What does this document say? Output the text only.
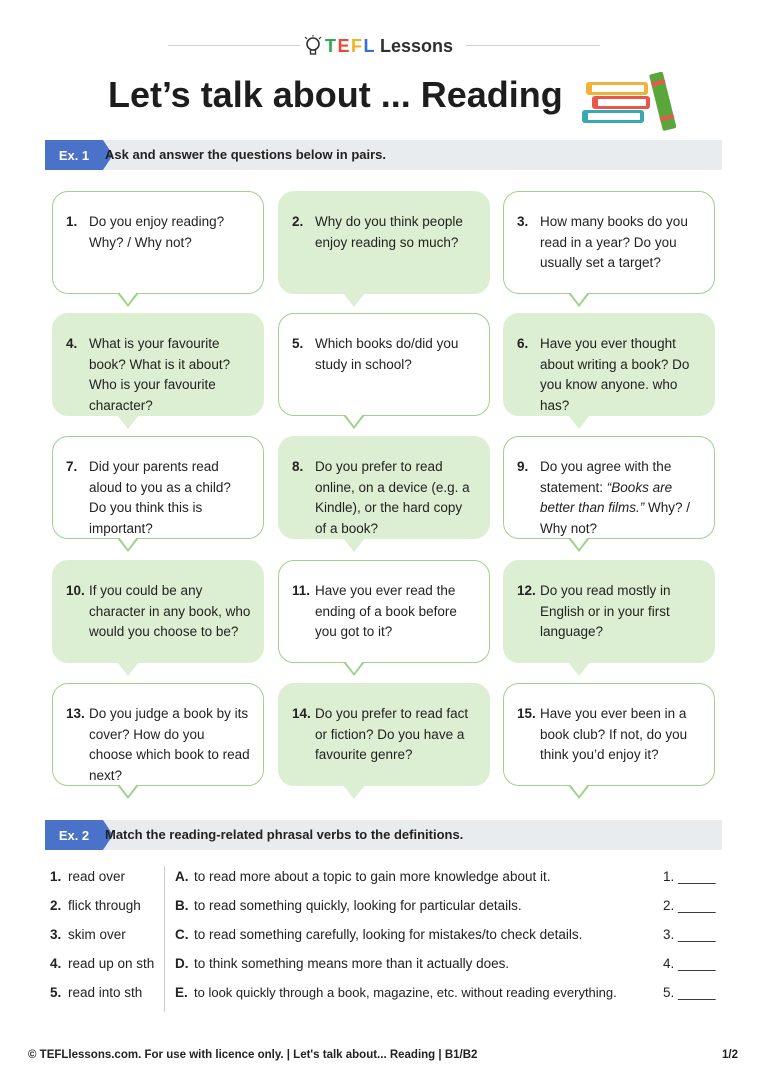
T E F L Lessons
Let’s talk about ... Reading
Ex. 1	Ask and answer the questions below in pairs.
1. Do you enjoy reading? Why? / Why not?
2. Why do you think people enjoy reading so much?
3. How many books do you read in a year? Do you usually set a target?
4. What is your favourite book? What is it about? Who is your favourite character?
5. Which books do/did you study in school?
6. Have you ever thought about writing a book? Do you know anyone. who has?
7. Did your parents read aloud to you as a child? Do you think this is important?
8. Do you prefer to read online, on a device (e.g. a Kindle), or the hard copy of a book?
9. Do you agree with the statement: “Books are better than films.” Why? / Why not?
10. If you could be any character in any book, who would you choose to be?
11. Have you ever read the ending of a book before you got to it?
12. Do you read mostly in English or in your first language?
13. Do you judge a book by its cover? How do you choose which book to read next?
14. Do you prefer to read fact or fiction? Do you have a favourite genre?
15. Have you ever been in a book club? If not, do you think you’d enjoy it?
Ex. 2	Match the reading-related phrasal verbs to the definitions.
1. read over	A. to read more about a topic to gain more knowledge about it.	1. _____
2. flick through	B. to read something quickly, looking for particular details.	2. _____
3. skim over	C. to read something carefully, looking for mistakes/to check details.	3. _____
4. read up on sth D. to think something means more than it actually does.	4. _____
5. read into sth E. to look quickly through a book, magazine, etc. without reading everything.	5. _____
© TEFLlessons.com. For use with licence only. | Let's talk about... Reading | B1/B2	1/2
